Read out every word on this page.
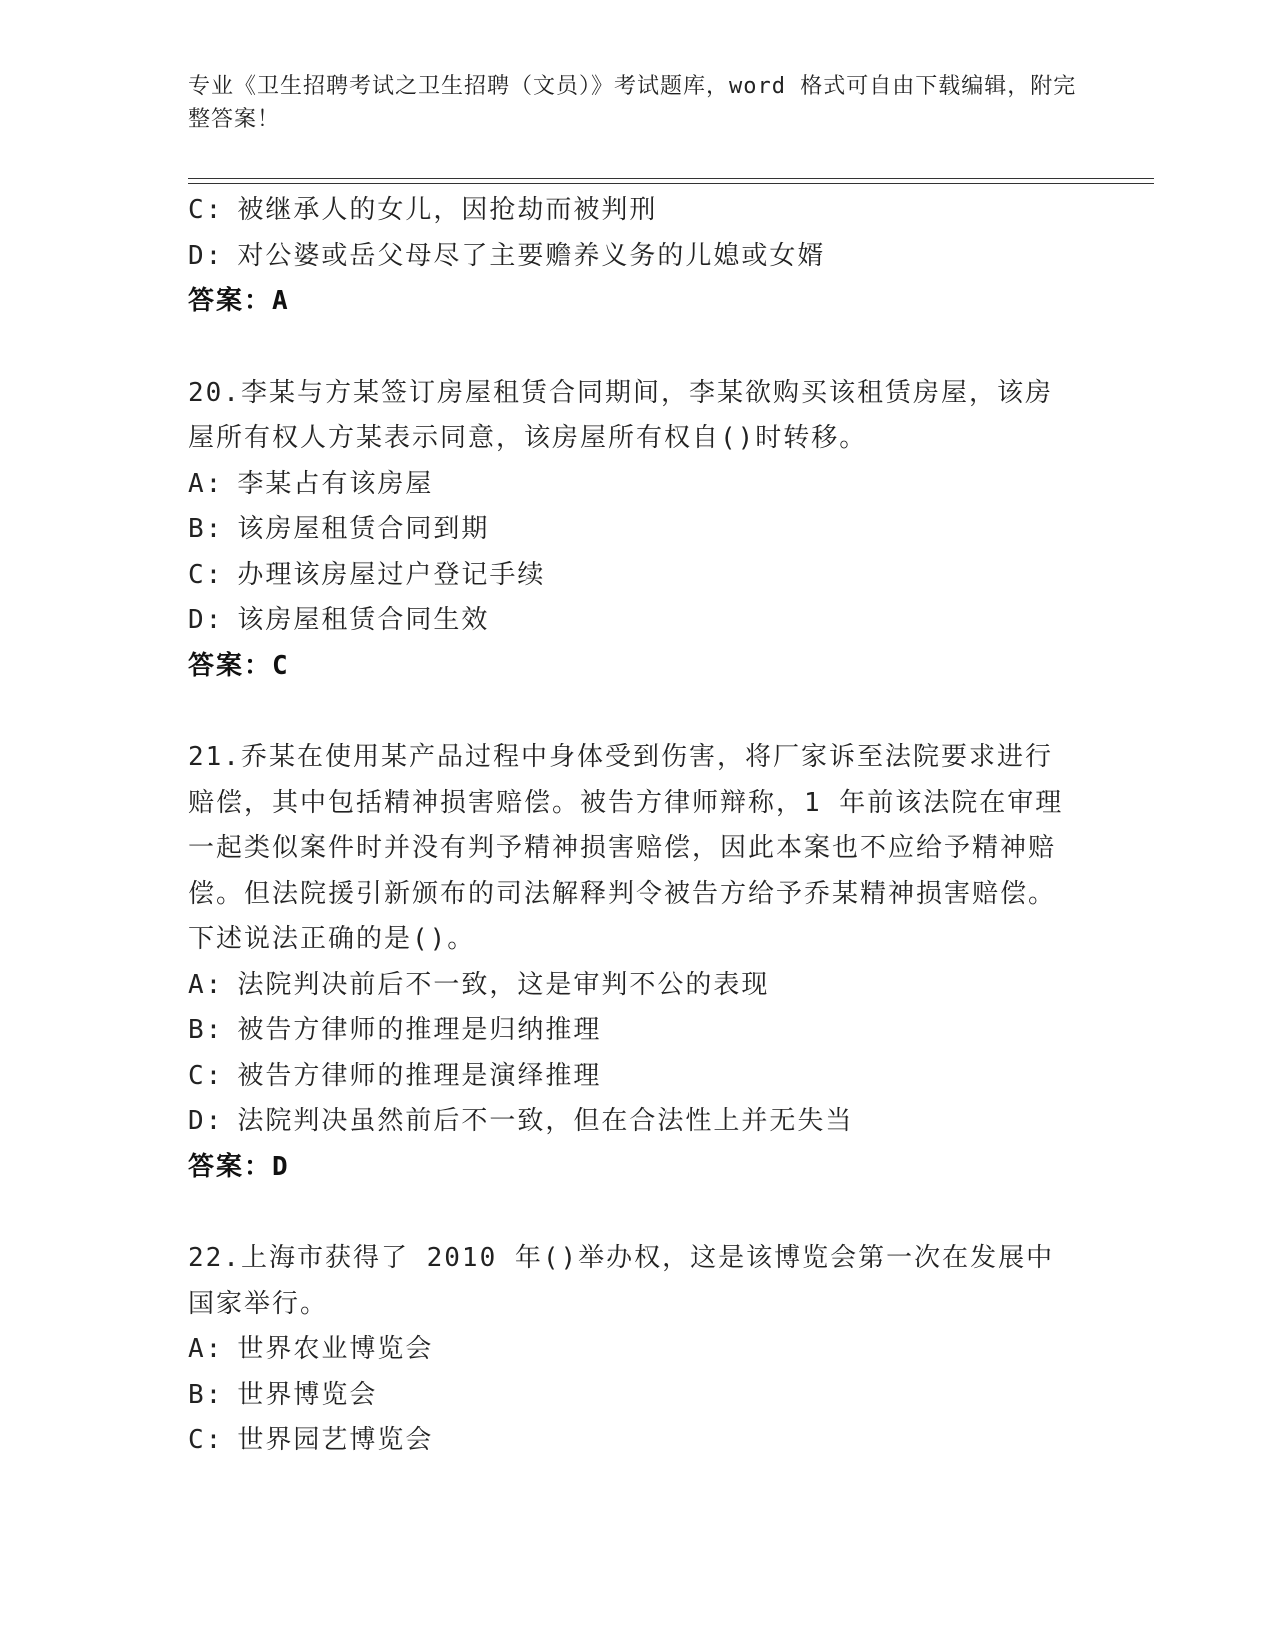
专业《卫生招聘考试之卫生招聘（文员）》考试题库，word 格式可自由下载编辑，附完整答案！
C: 被继承人的女儿，因抢劫而被判刑
D: 对公婆或岳父母尽了主要赡养义务的儿媳或女婿
答案：A
20.李某与方某签订房屋租赁合同期间，李某欲购买该租赁房屋，该房屋所有权人方某表示同意，该房屋所有权自()时转移。
A: 李某占有该房屋
B: 该房屋租赁合同到期
C: 办理该房屋过户登记手续
D: 该房屋租赁合同生效
答案：C
21.乔某在使用某产品过程中身体受到伤害，将厂家诉至法院要求进行赔偿，其中包括精神损害赔偿。被告方律师辩称，1 年前该法院在审理一起类似案件时并没有判予精神损害赔偿，因此本案也不应给予精神赔偿。但法院援引新颁布的司法解释判令被告方给予乔某精神损害赔偿。下述说法正确的是()。
A: 法院判决前后不一致，这是审判不公的表现
B: 被告方律师的推理是归纳推理
C: 被告方律师的推理是演绎推理
D: 法院判决虽然前后不一致，但在合法性上并无失当
答案：D
22.上海市获得了 2010 年()举办权，这是该博览会第一次在发展中国家举行。
A: 世界农业博览会
B: 世界博览会
C: 世界园艺博览会
